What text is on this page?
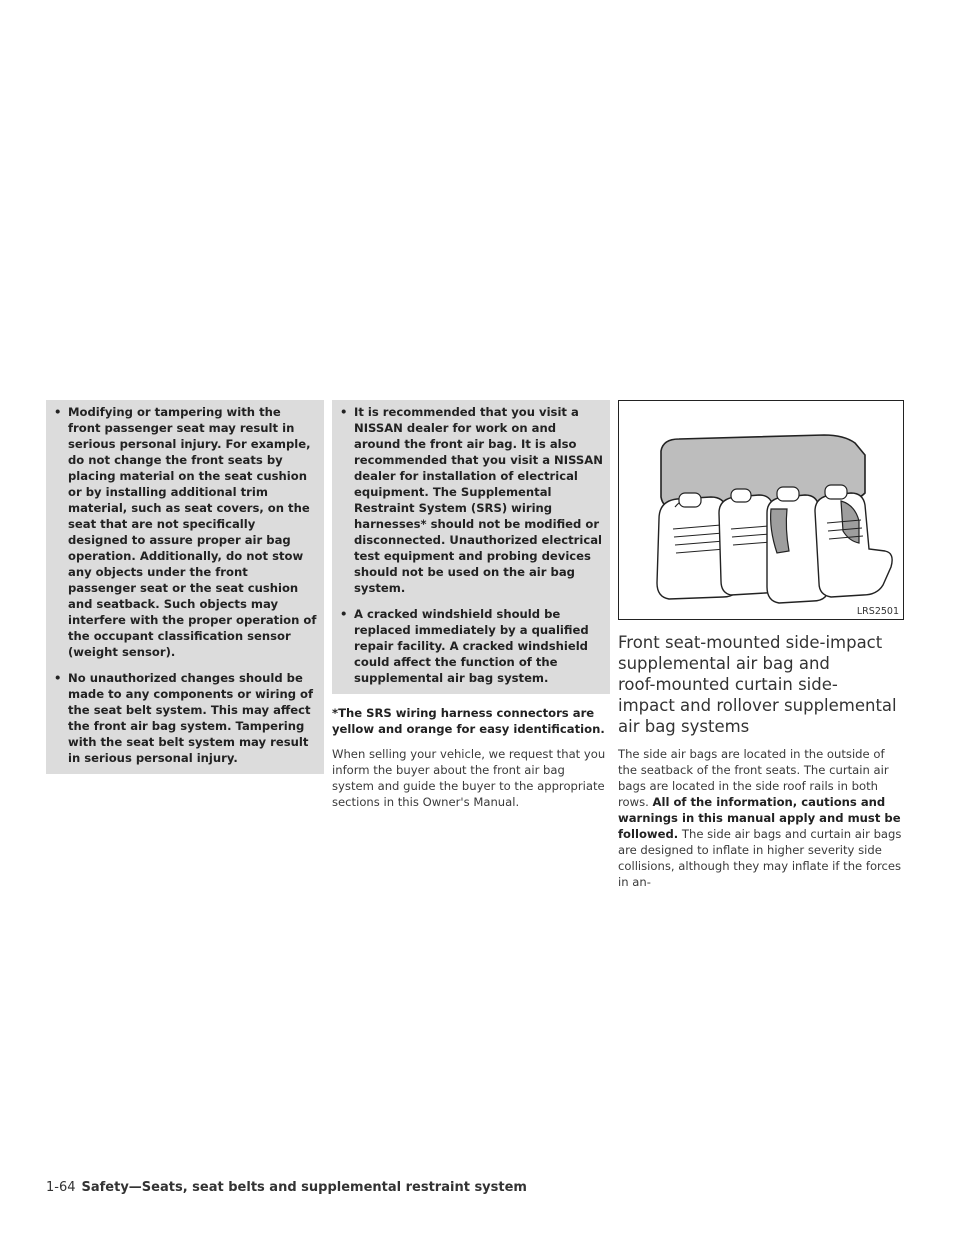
• Modifying or tampering with the front passenger seat may result in serious personal injury. For example, do not change the front seats by placing material on the seat cushion or by installing additional trim material, such as seat covers, on the seat that are not specifically designed to assure proper air bag operation. Additionally, do not stow any objects under the front passenger seat or the seat cushion and seatback. Such objects may interfere with the proper operation of the occupant classification sensor (weight sensor).

• No unauthorized changes should be made to any components or wiring of the seat belt system. This may affect the front air bag system. Tampering with the seat belt system may result in serious personal injury.

• It is recommended that you visit a NISSAN dealer for work on and around the front air bag. It is also recommended that you visit a NISSAN dealer for installation of electrical equipment. The Supplemental Restraint System (SRS) wiring harnesses* should not be modified or disconnected. Unauthorized electrical test equipment and probing devices should not be used on the air bag system.

• A cracked windshield should be replaced immediately by a qualified repair facility. A cracked windshield could affect the function of the supplemental air bag system.

*The SRS wiring harness connectors are yellow and orange for easy identification.

When selling your vehicle, we request that you inform the buyer about the front air bag system and guide the buyer to the appropriate sections in this Owner's Manual.

LRS2501
Front seat-mounted side-impact
supplemental air bag and
roof-mounted curtain side-
impact and rollover supplemental
air bag systems

The side air bags are located in the outside of the seatback of the front seats. The curtain air bags are located in the side roof rails in both rows. All of the information, cautions and warnings in this manual apply and must be followed. The side air bags and curtain air bags are designed to inflate in higher severity side collisions, although they may inflate if the forces in an-

1-64 Safety—Seats, seat belts and supplemental restraint system
